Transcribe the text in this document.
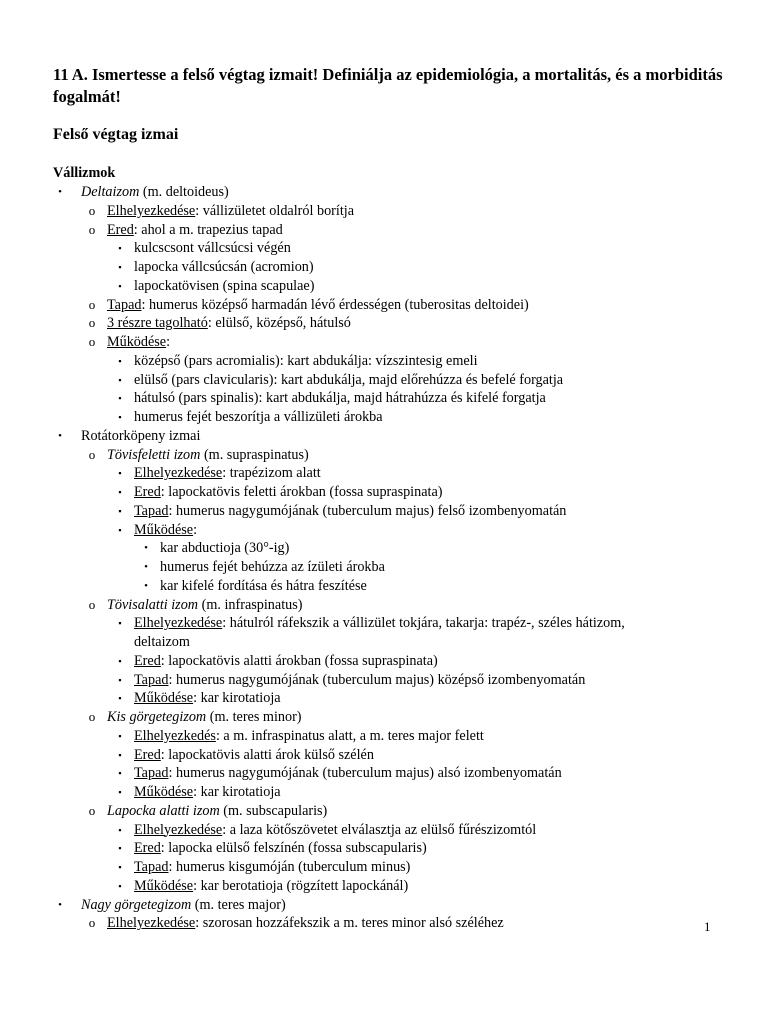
11 A. Ismertesse a felső végtag izmait! Definiálja az epidemiológia, a mortalitás, és a morbiditás fogalmát!
Felső végtag izmai
Vállizmok
•	Deltaizom (m. deltoideus)
o Elhelyezkedése: vállizületet oldalról borítja
o Ered: ahol a m. trapezius tapad
▪ kulcscsont vállcsúcsi végén
▪ lapocka vállcsúcsán (acromion)
▪ lapockatövisen (spina scapulae)
o Tapad: humerus középső harmadán lévő érdességen (tuberositas deltoidei)
o 3 részre tagolható: elülső, középső, hátulsó
o Működése:
▪ középső (pars acromialis): kart abdukálja: vízszintesig emeli
▪ elülső (pars clavicularis): kart abdukálja, majd előrehúzza és befelé forgatja
▪ hátulsó (pars spinalis): kart abdukálja, majd hátrahúzza és kifelé forgatja
▪ humerus fejét beszorítja a vállizületi árokba
•	Rotátorköpeny izmai
o Tövisfeletti izom (m. supraspinatus)
▪ Elhelyezkedése: trapézizom alatt
▪ Ered: lapockatövis feletti árokban (fossa supraspinata)
▪ Tapad: humerus nagygumójának (tuberculum majus) felső izombenyomatán
▪ Működése:
• kar abductioja (30°-ig)
• humerus fejét behúzza az ízületi árokba
• kar kifelé fordítása és hátra feszítése
o Tövisalatti izom (m. infraspinatus)
▪ Elhelyezkedése: hátulról ráfekszik a vállizület tokjára, takarja: trapéz-, széles hátizom,
deltaizom
▪ Ered: lapockatövis alatti árokban (fossa supraspinata)
▪ Tapad: humerus nagygumójának (tuberculum majus) középső izombenyomatán
▪ Működése: kar kirotatioja
o Kis görgetegizom (m. teres minor)
▪ Elhelyezkedés: a m. infraspinatus alatt, a m. teres major felett
▪ Ered: lapockatövis alatti árok külső szélén
▪ Tapad: humerus nagygumójának (tuberculum majus) alsó izombenyomatán
▪ Működése: kar kirotatioja
o Lapocka alatti izom (m. subscapularis)
▪ Elhelyezkedése: a laza kötőszövetet elválasztja az elülső fűrészizomtól
▪ Ered: lapocka elülső felszínén (fossa subscapularis)
▪ Tapad: humerus kisgumóján (tuberculum minus)
▪ Működése: kar berotatioja (rögzített lapockánál)
•	Nagy görgetegizom (m. teres major)
o Elhelyezkedése: szorosan hozzáfekszik a m. teres minor alsó széléhez	1
